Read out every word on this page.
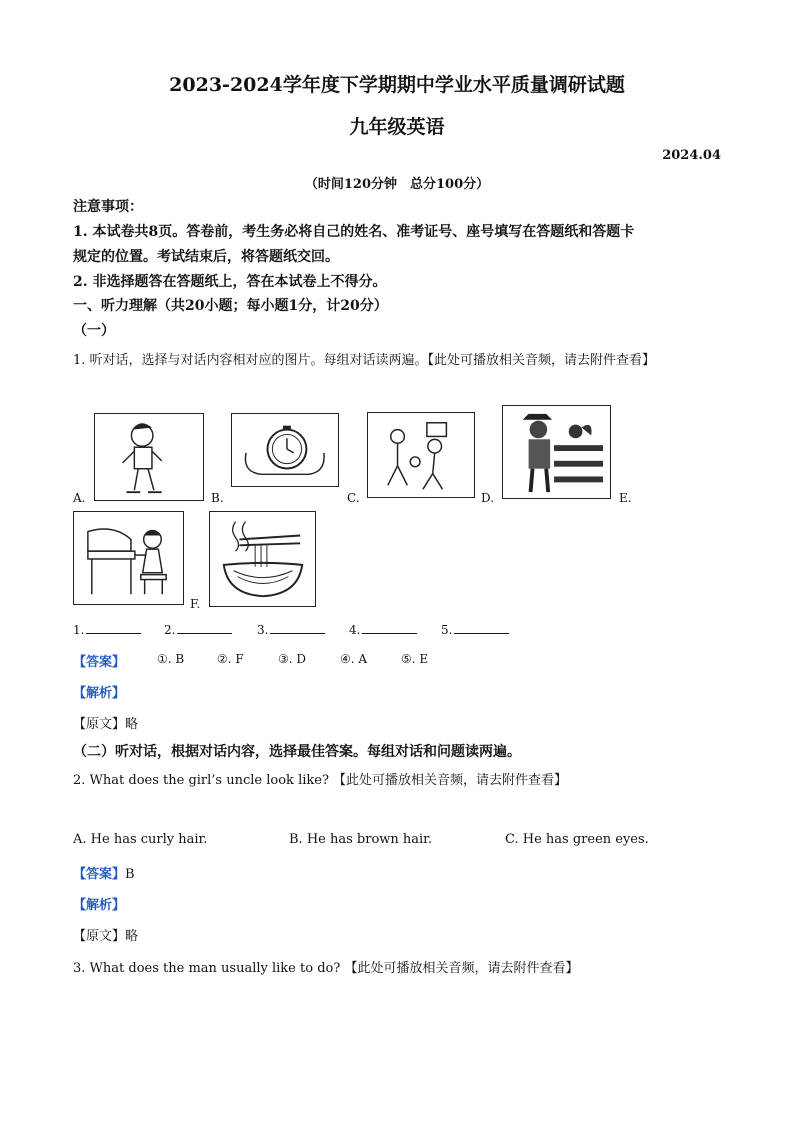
2023-2024学年度下学期期中学业水平质量调研试题
九年级英语
2024.04
（时间120分钟　总分100分）
注意事项：
1. 本试卷共8页。答卷前，考生务必将自己的姓名、准考证号、座号填写在答题纸和答题卡
规定的位置。考试结束后，将答题纸交回。
2. 非选择题答在答题纸上，答在本试卷上不得分。
一、听力理解（共20小题；每小题1分，计20分）
（一）
1. 听对话，选择与对话内容相对应的图片。每组对话读两遍。【此处可播放相关音频，请去附件查看】
A.	B.	C.	D.	E.
F.
1.	2.	3.	4.	5.
【答案】	①. B	②. F	③. D	④. A	⑤. E
【解析】
【原文】略
（二）听对话，根据对话内容，选择最佳答案。每组对话和问题读两遍。
2. What does the girl’s uncle look like? 【此处可播放相关音频，请去附件查看】
A. He has curly hair.	B. He has brown hair.	C. He has green eyes.
【答案】B
【解析】
【原文】略
3. What does the man usually like to do? 【此处可播放相关音频，请去附件查看】
